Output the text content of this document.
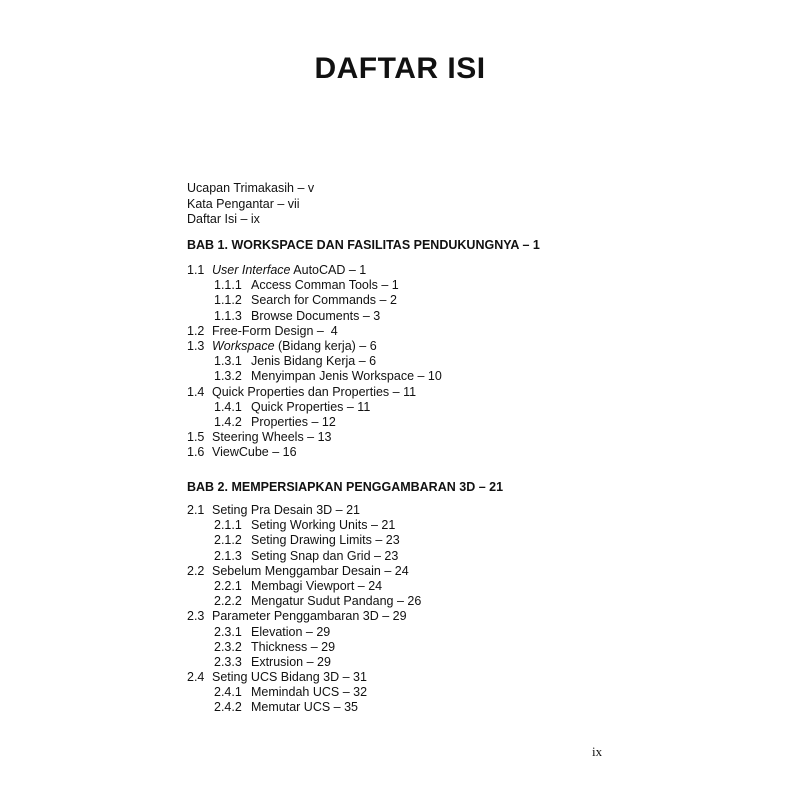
DAFTAR ISI
Ucapan Trimakasih – v
Kata Pengantar – vii
Daftar Isi – ix
BAB 1. WORKSPACE DAN FASILITAS PENDUKUNGNYA – 1
1.1 User Interface AutoCAD – 1
1.1.1 Access Comman Tools – 1
1.1.2 Search for Commands – 2
1.1.3 Browse Documents – 3
1.2 Free-Form Design –  4
1.3 Workspace (Bidang kerja) – 6
1.3.1 Jenis Bidang Kerja – 6
1.3.2 Menyimpan Jenis Workspace – 10
1.4 Quick Properties dan Properties – 11
1.4.1 Quick Properties – 11
1.4.2 Properties – 12
1.5 Steering Wheels – 13
1.6 ViewCube – 16
BAB 2. MEMPERSIAPKAN PENGGAMBARAN 3D – 21
2.1 Seting Pra Desain 3D – 21
2.1.1 Seting Working Units – 21
2.1.2 Seting Drawing Limits – 23
2.1.3 Seting Snap dan Grid – 23
2.2 Sebelum Menggambar Desain – 24
2.2.1 Membagi Viewport – 24
2.2.2 Mengatur Sudut Pandang – 26
2.3 Parameter Penggambaran 3D – 29
2.3.1 Elevation – 29
2.3.2 Thickness – 29
2.3.3 Extrusion – 29
2.4 Seting UCS Bidang 3D – 31
2.4.1 Memindah UCS – 32
2.4.2 Memutar UCS – 35
ix
